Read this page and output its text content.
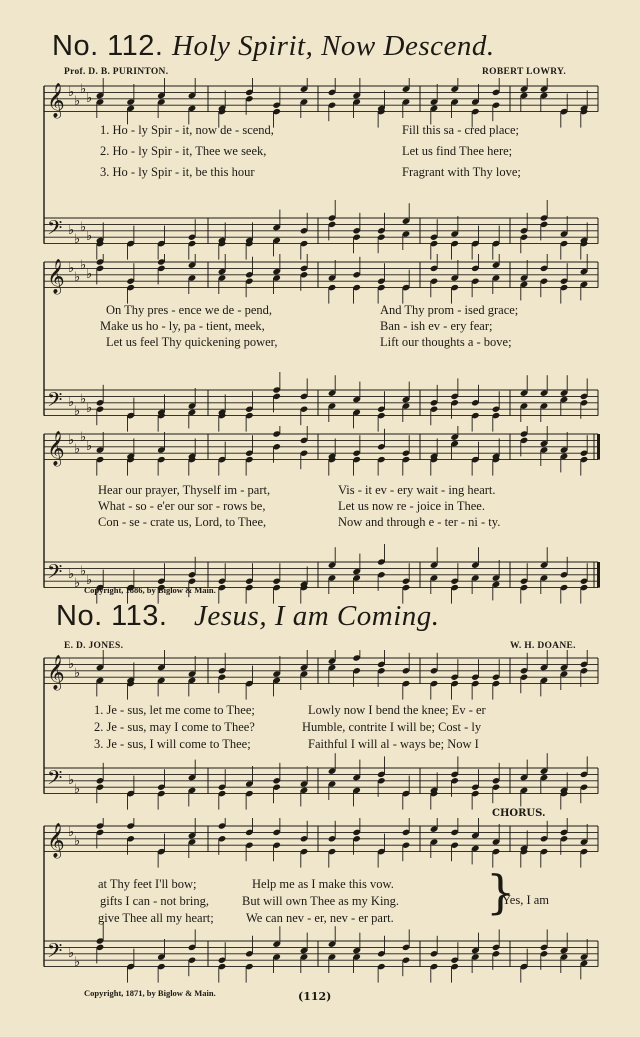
No. 112. Holy Spirit, Now Descend.
Prof. D. B. PURINTON.	ROBERT LOWRY.
𝄞 ♭
♭
♭
♭
𝄢 ♭
♭
♭
♭
1. Ho - ly Spir - it, now de - scend,	Fill this sa - cred place;
2. Ho - ly Spir - it, Thee we seek,	Let us find Thee here;
3. Ho - ly Spir - it, be this hour	Fragrant with Thy love;
𝄞 ♭
♭
♭
♭
𝄢 ♭
♭
♭
♭
On Thy pres - ence we de - pend,	And Thy prom - ised grace;
Make us ho - ly, pa - tient, meek,	Ban - ish ev - ery fear;
Let us feel Thy quickening power,	Lift our thoughts a - bove;
𝄞 ♭
♭
♭
♭
𝄢 ♭
♭
♭
♭
Hear our prayer, Thyself im - part,	Vis - it ev - ery wait - ing heart.
What - so - e'er our sor - rows be,	Let us now re - joice in Thee.
Con - se - crate us, Lord, to Thee,	Now and through e - ter - ni - ty.
Copyright, 1886, by Biglow & Main.
No. 113. Jesus, I am Coming.
E. D. JONES.	W. H. DOANE.
𝄞 ♭
♭
𝄢 ♭
♭
1. Je - sus, let me come to Thee;	Lowly now I bend the knee; Ev - er
2. Je - sus, may I come to Thee?	Humble, contrite I will be; Cost - ly
3. Je - sus, I will come to Thee;	Faithful I will al - ways be; Now I
𝄞 ♭
♭
𝄢 ♭
♭
CHORUS.
at Thy feet I'll bow;	Help me as I make this vow.
gifts I can - not bring,	But will own Thee as my King.
give Thee all my heart;	We can nev - er, nev - er part. }
Yes, I am
Copyright, 1871, by Biglow & Main.	(112)
